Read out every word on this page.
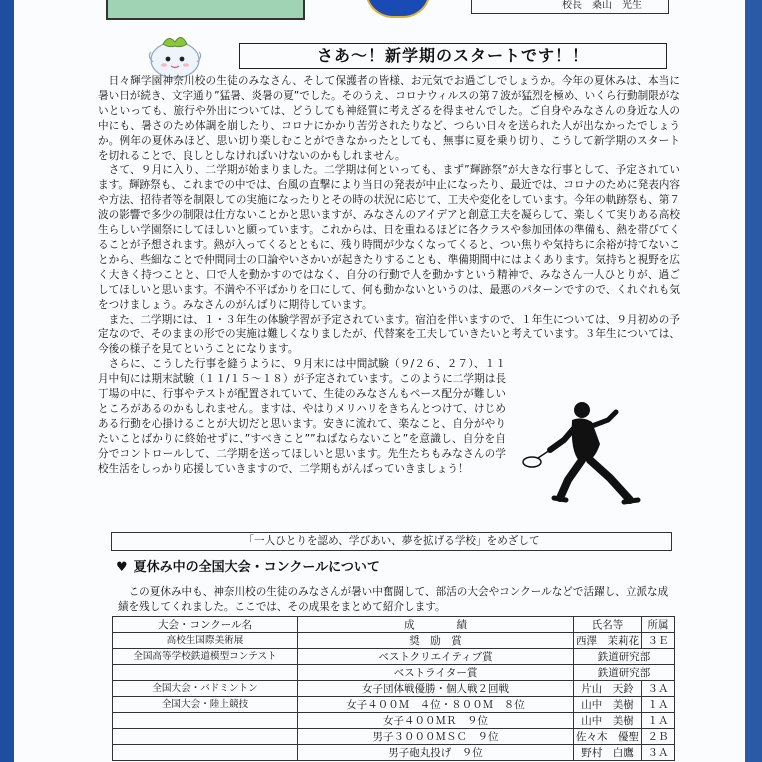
校長　桑山　光生
さあ～！新学期のスタートです！！

日々輝学園神奈川校の生徒のみなさん、そして保護者の皆様、お元気でお過ごしでしょうか。今年の夏休みは、本当に暑い日が続き、文字通り”猛暑、炎暑の夏”でした。そのうえ、コロナウィルスの第７波が猛烈を極め、いくら行動制限がないといっても、旅行や外出については、どうしても神経質に考えざるを得ませんでした。ご自身やみなさんの身近な人の中にも、暑さのため体調を崩したり、コロナにかかり苦労されたりなど、つらい日々を送られた人が出なかったでしょうか。例年の夏休みほど、思い切り楽しむことができなかったとしても、無事に夏を乗り切り、こうして新学期のスタートを切れることで、良しとしなければいけないのかもしれません。

さて、９月に入り、二学期が始まりました。二学期は何といっても、まず”輝跡祭”が大きな行事として、予定されています。輝跡祭も、これまでの中では、台風の直撃により当日の発表が中止になったり、最近では、コロナのために発表内容や方法、招待者等を制限しての実施になったりとその時の状況に応じて、工夫や変化をしています。今年の軌跡祭も、第７波の影響で多少の制限は仕方ないことかと思いますが、みなさんのアイデアと創意工夫を凝らして、楽しくて実りある高校生らしい学園祭にしてほしいと願っています。これからは、日を重ねるほどに各クラスや参加団体の準備も、熱を帯びてくることが予想されます。熱が入ってくるとともに、残り時間が少なくなってくると、つい焦りや気持ちに余裕が持てないことから、些細なことで仲間同士の口論やいさかいが起きたりすることも、準備期間中にはよくあります。気持ちと視野を広く大きく持つことと、口で人を動かすのではなく、自分の行動で人を動かすという精神で、みなさん一人ひとりが、過ごしてほしいと思います。不満や不平ばかりを口にして、何も動かないというのは、最悪のパターンですので、くれぐれも気をつけましょう。みなさんのがんばりに期待しています。

また、二学期には、１・３年生の体験学習が予定されています。宿泊を伴いますので、１年生については、９月初めの予定なので、そのままの形での実施は難しくなりましたが、代替案を工夫していきたいと考えています。３年生については、今後の様子を見てということになります。

さらに、こうした行事を縫うように、９月末には中間試験（９/２６、２７）、１１月中旬には期末試験（１１/１５～１８）が予定されています。このように二学期は長丁場の中に、行事やテストが配置されていて、生徒のみなさんもペース配分が難しいところがあるのかもしれません。ますは、やはりメリハリをきちんとつけて、けじめある行動を心掛けることが大切だと思います。安きに流れて、楽なこと、自分がやりたいことばかりに終始せずに、”すべきこと””ねばならないこと”を意識し、自分を自分でコントロールして、二学期を送ってほしいと思います。先生たちもみなさんの学校生活をしっかり応援していきますので、二学期もがんばっていきましょう！

「一人ひとりを認め、学びあい、夢を拡げる学校」をめざして
♥ 夏休み中の全国大会・コンクールについて
この夏休み中も、神奈川校の生徒のみなさんが暑い中奮闘して、部活の大会やコンクールなどで活躍し、立派な成績を残してくれました。ここでは、その成果をまとめて紹介します。
大会・コンクール名	成　　　　績	氏名等	所属
高校生国際美術展	奨　励　賞	西澤　茉莉花	３Ｅ
全国高等学校鉄道模型コンテスト	ベストクリエイティブ賞	鉄道研究部	
	ベストライター賞	鉄道研究部	
全国大会・バドミントン	女子団体戦優勝・個人戦２回戦	片山　天鈴	３Ａ
全国大会・陸上競技	女子４００Ｍ　４位・８００Ｍ　８位	山中　美樹	１Ａ
	女子４００ＭＲ　９位	山中　美樹	１Ａ
	男子３０００ＭＳＣ　９位	佐々木　優聖	２Ｂ
	男子砲丸投げ　９位	野村　白鷹	３Ａ
